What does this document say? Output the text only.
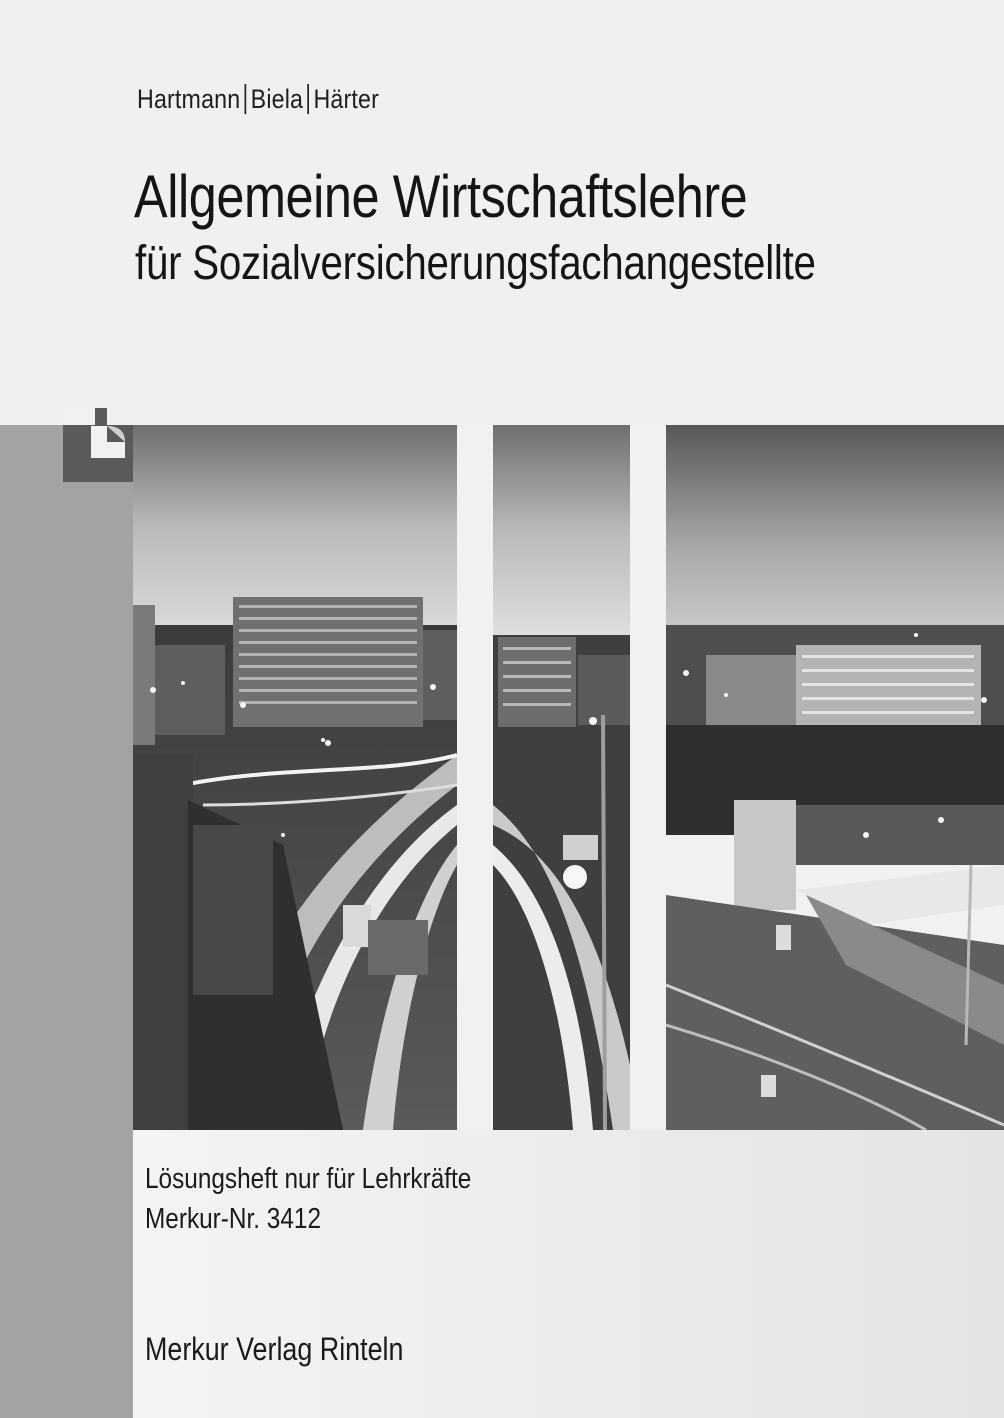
Hartmann Biela Härter
Allgemeine Wirtschaftslehre
für Sozialversicherungsfachangestellte
Lösungsheft nur für Lehrkräfte
Merkur-Nr. 3412
Merkur Verlag Rinteln
